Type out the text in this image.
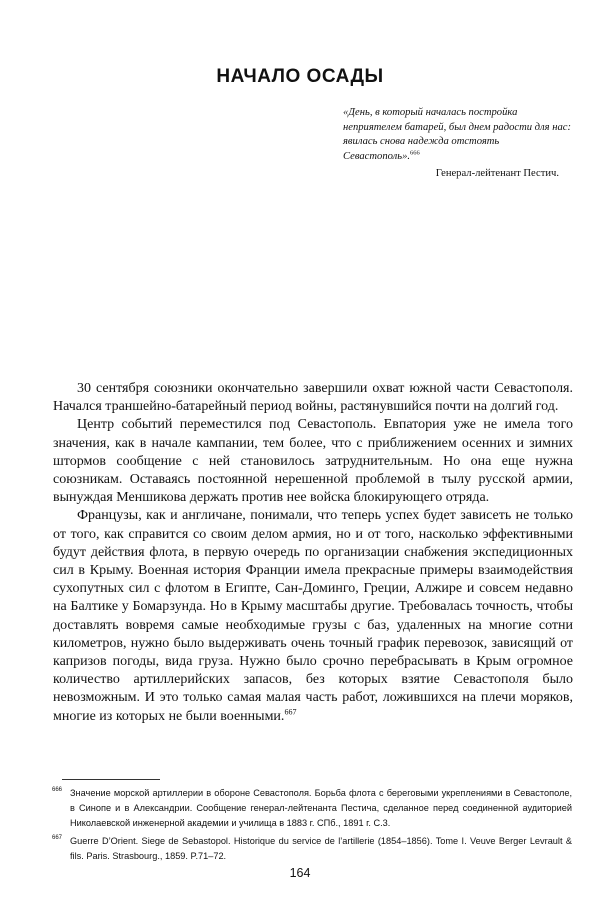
НАЧАЛО ОСАДЫ

«День, в который началась постройка неприятелем батарей, был днем радости для нас: явилась снова надежда отстоять Севастополь».$^{666}$

Генерал-лейтенант Пестич.

30 сентября союзники окончательно завершили охват южной части Севастополя. Начался траншейно-батарейный период войны, растянувшийся почти на долгий год.

Центр событий переместился под Севастополь. Евпатория уже не имела того значения, как в начале кампании, тем более, что с приближением осенних и зимних штормов сообщение с ней становилось затруднительным. Но она еще нужна союзникам. Оставаясь постоянной нерешенной проблемой в тылу русской армии, вынуждая Меншикова держать против нее войска блокирующего отряда.

Французы, как и англичане, понимали, что теперь успех будет зависеть не только от того, как справится со своим делом армия, но и от того, насколько эффективными будут действия флота, в первую очередь по организации снабжения экспедиционных сил в Крыму. Военная история Франции имела прекрасные примеры взаимодействия сухопутных сил с флотом в Египте, Сан-Доминго, Греции, Алжире и совсем недавно на Балтике у Бомарзунда. Но в Крыму масштабы другие. Требовалась точность, чтобы доставлять вовремя самые необходимые грузы с баз, удаленных на многие сотни километров, нужно было выдерживать очень точный график перевозок, зависящий от капризов погоды, вида груза. Нужно было срочно перебрасывать в Крым огромное количество артиллерийских запасов, без которых взятие Севастополя было невозможным. И это только самая малая часть работ, ложившихся на плечи моряков, многие из которых не были военными.$^{667}$

666 Значение морской артиллерии в обороне Севастополя. Борьба флота с береговыми укреплениями в Севастополе, в Синопе и в Александрии. Сообщение генерал-лейтенанта Пестича, сделанное перед соединенной аудиторией Николаевской инженерной академии и училища в 1883 г. СПб., 1891 г. С.3.

667 Guerre D’Orient. Siege de Sebastopol. Historique du service de l’artillerie (1854–1856). Tome I. Veuve Berger Levrault & fils. Paris. Strasbourg., 1859. P.71–72.

164
